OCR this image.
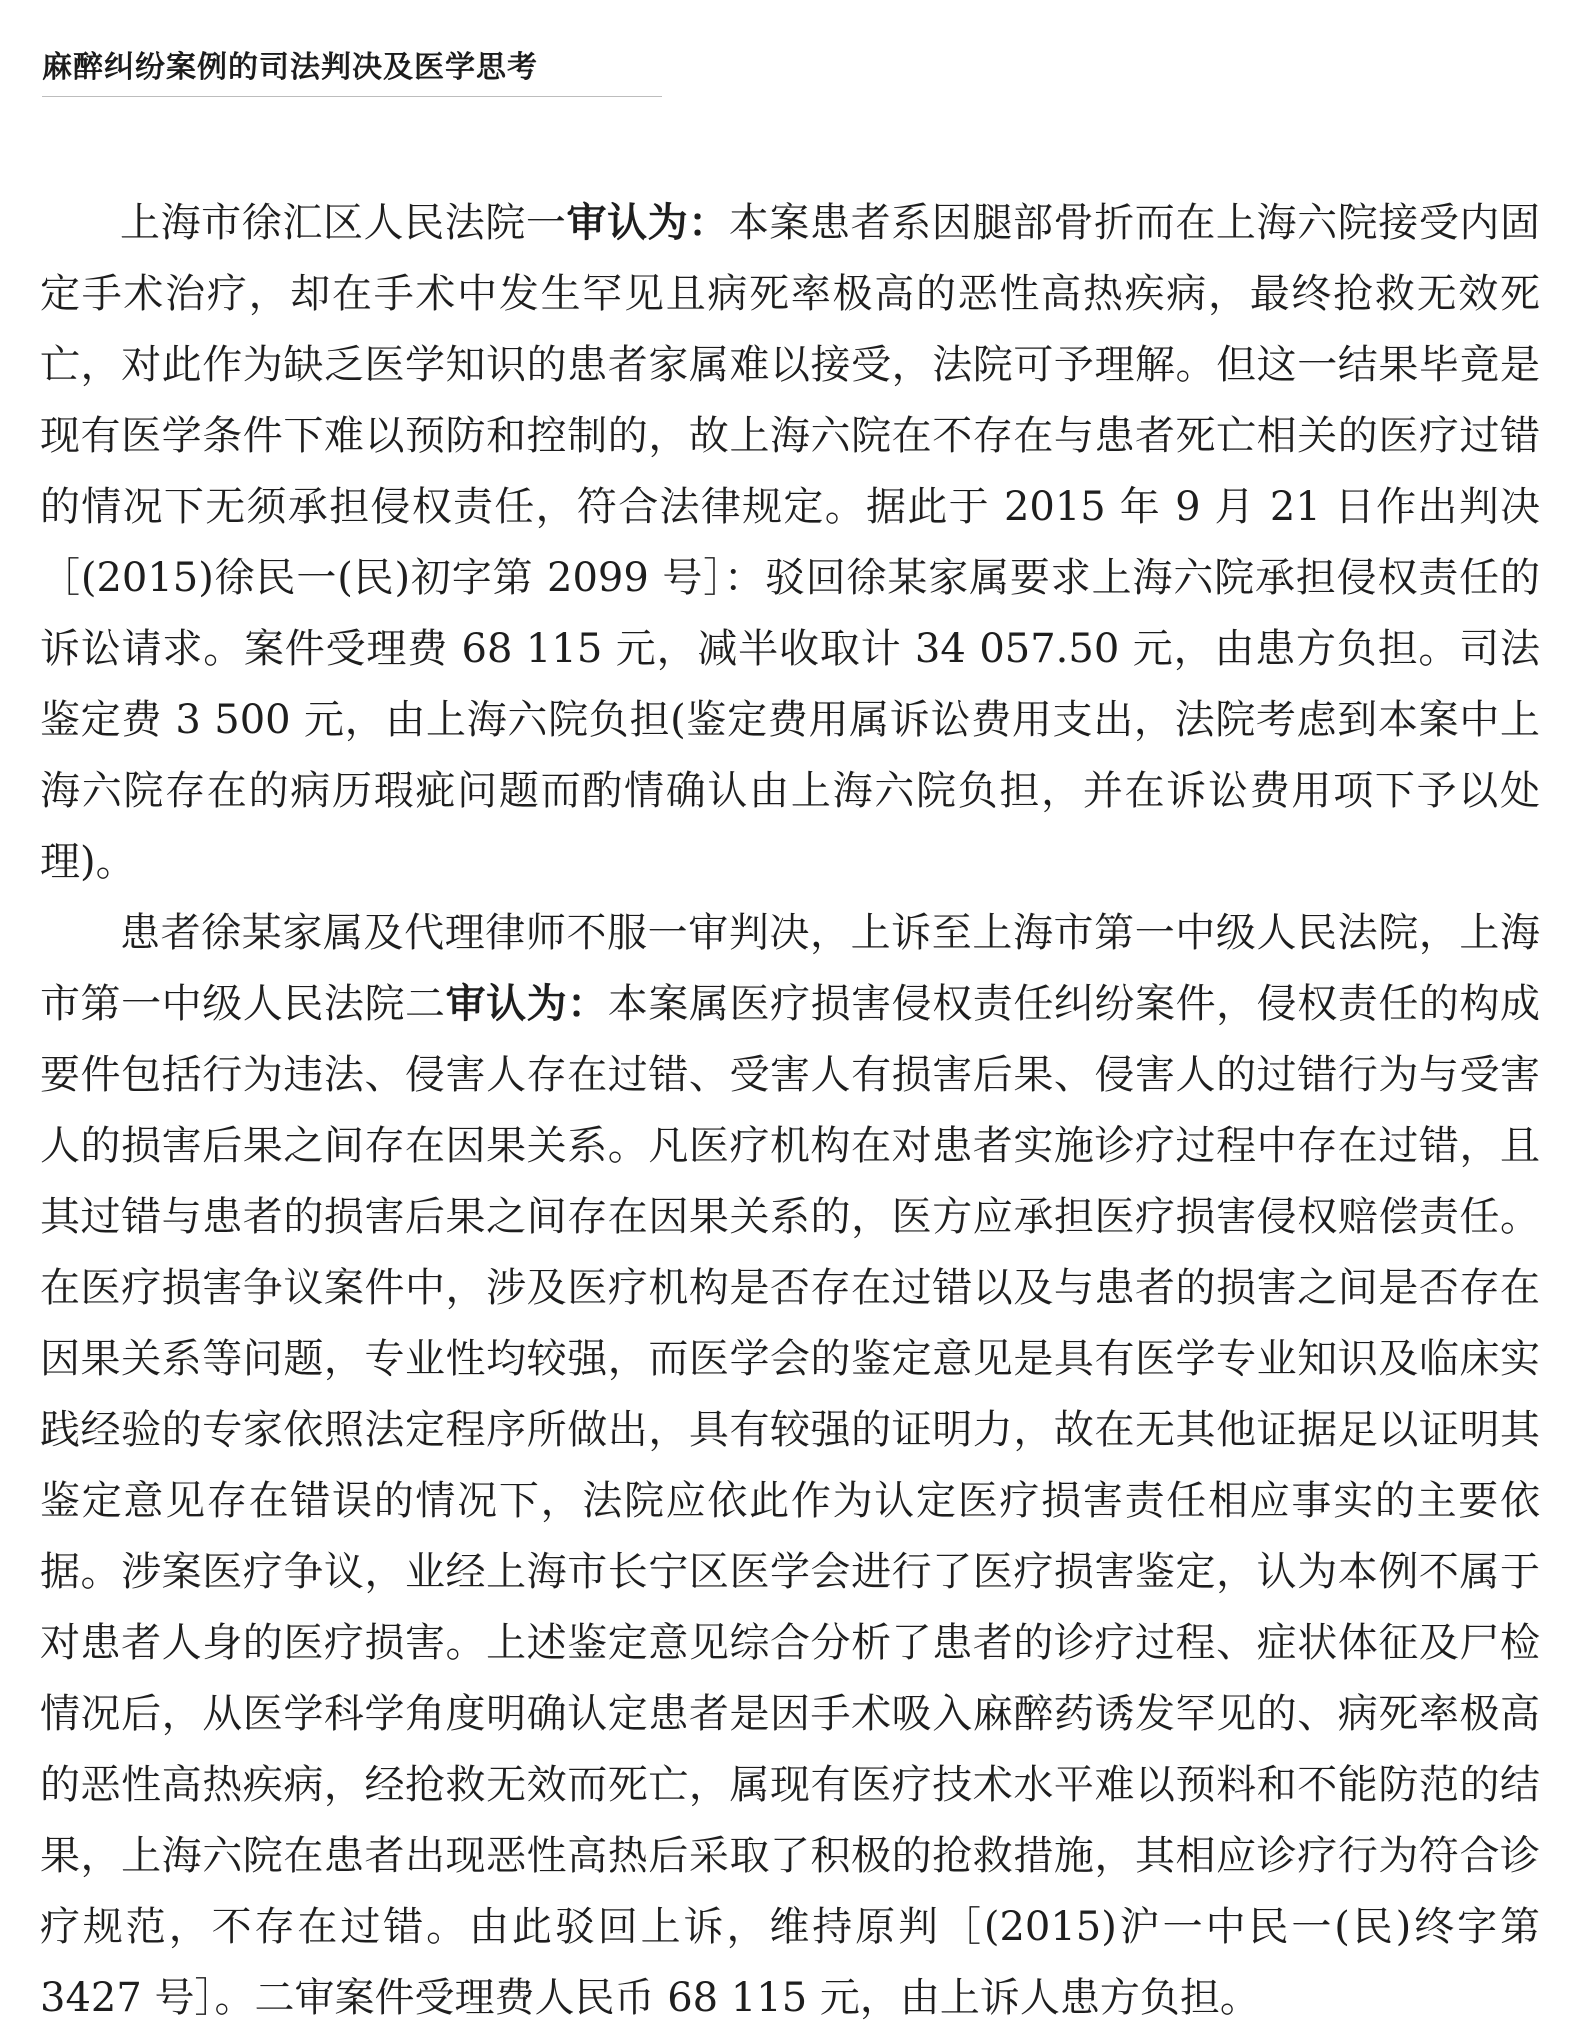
麻醉纠纷案例的司法判决及医学思考

上海市徐汇区人民法院一审认为：本案患者系因腿部骨折而在上海六院接受内固定手术治疗，却在手术中发生罕见且病死率极高的恶性高热疾病，最终抢救无效死亡，对此作为缺乏医学知识的患者家属难以接受，法院可予理解。但这一结果毕竟是现有医学条件下难以预防和控制的，故上海六院在不存在与患者死亡相关的医疗过错的情况下无须承担侵权责任，符合法律规定。据此于 2015 年 9 月 21 日作出判决［(2015)徐民一(民)初字第 2099 号］：驳回徐某家属要求上海六院承担侵权责任的诉讼请求。案件受理费 68 115 元，减半收取计 34 057.50 元，由患方负担。司法鉴定费 3 500 元，由上海六院负担(鉴定费用属诉讼费用支出，法院考虑到本案中上海六院存在的病历瑕疵问题而酌情确认由上海六院负担，并在诉讼费用项下予以处理)。

患者徐某家属及代理律师不服一审判决，上诉至上海市第一中级人民法院，上海市第一中级人民法院二审认为：本案属医疗损害侵权责任纠纷案件，侵权责任的构成要件包括行为违法、侵害人存在过错、受害人有损害后果、侵害人的过错行为与受害人的损害后果之间存在因果关系。凡医疗机构在对患者实施诊疗过程中存在过错，且其过错与患者的损害后果之间存在因果关系的，医方应承担医疗损害侵权赔偿责任。在医疗损害争议案件中，涉及医疗机构是否存在过错以及与患者的损害之间是否存在因果关系等问题，专业性均较强，而医学会的鉴定意见是具有医学专业知识及临床实践经验的专家依照法定程序所做出，具有较强的证明力，故在无其他证据足以证明其鉴定意见存在错误的情况下，法院应依此作为认定医疗损害责任相应事实的主要依据。涉案医疗争议，业经上海市长宁区医学会进行了医疗损害鉴定，认为本例不属于对患者人身的医疗损害。上述鉴定意见综合分析了患者的诊疗过程、症状体征及尸检情况后，从医学科学角度明确认定患者是因手术吸入麻醉药诱发罕见的、病死率极高的恶性高热疾病，经抢救无效而死亡，属现有医疗技术水平难以预料和不能防范的结果，上海六院在患者出现恶性高热后采取了积极的抢救措施，其相应诊疗行为符合诊疗规范，不存在过错。由此驳回上诉，维持原判［(2015)沪一中民一(民)终字第 3427 号］。二审案件受理费人民币 68 115 元，由上诉人患方负担。
